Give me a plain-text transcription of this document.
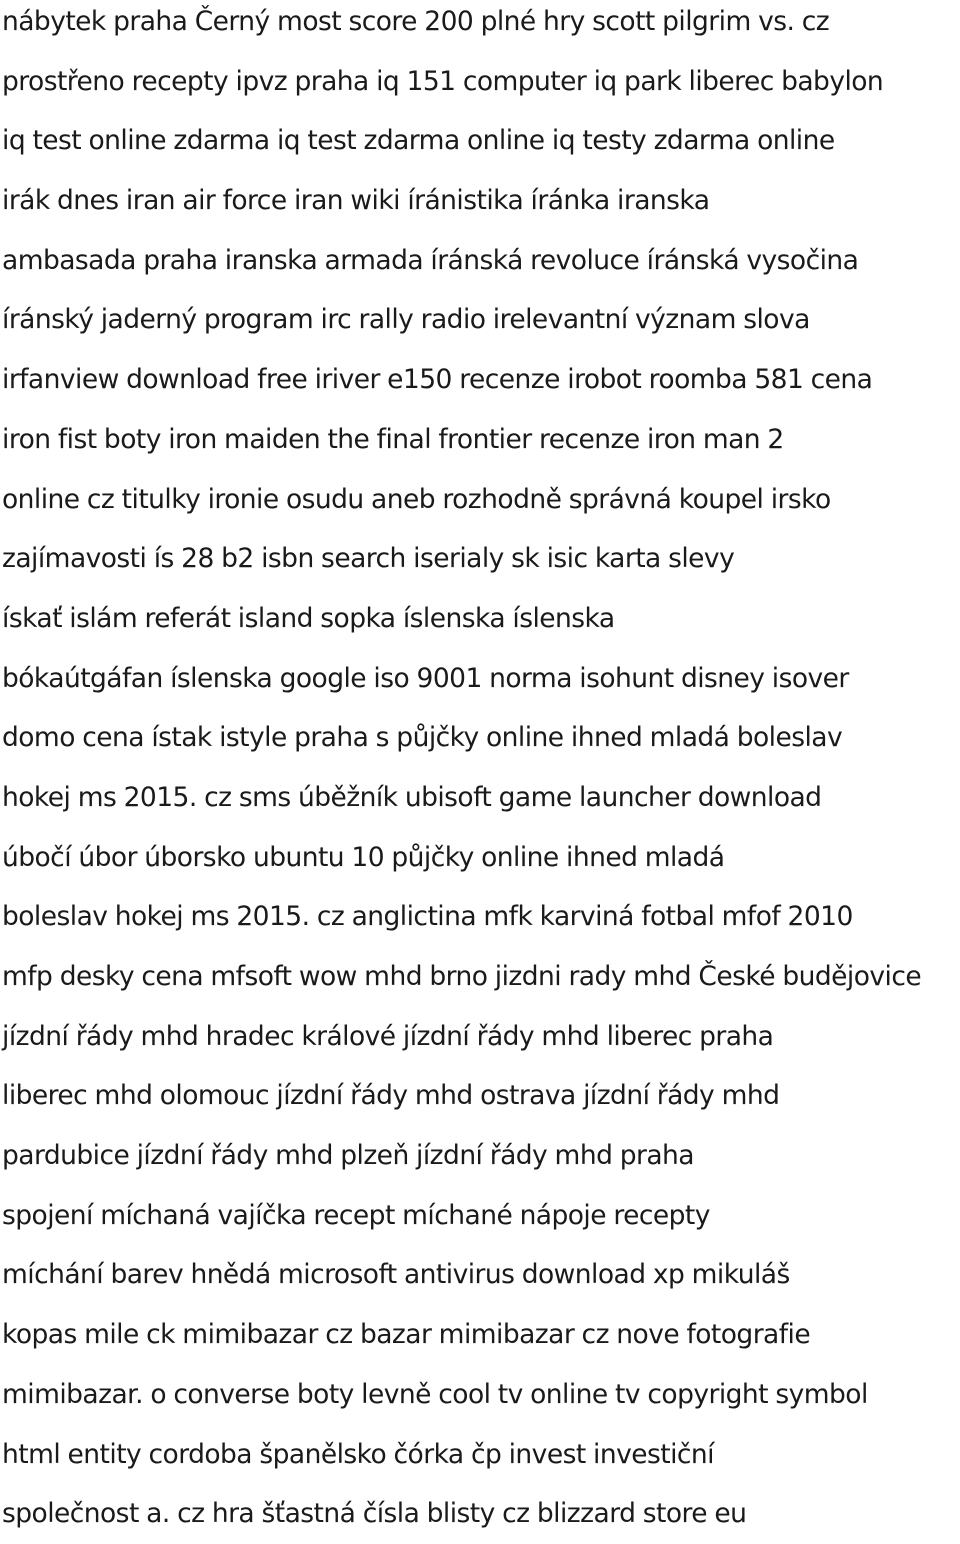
nábytek praha Černý most score 200 plné hry scott pilgrim vs. cz
prostřeno recepty ipvz praha iq 151 computer iq park liberec babylon
iq test online zdarma iq test zdarma online iq testy zdarma online
irák dnes iran air force iran wiki íránistika íránka iranska
ambasada praha iranska armada íránská revoluce íránská vysočina
íránský jaderný program irc rally radio irelevantní význam slova
irfanview download free iriver e150 recenze irobot roomba 581 cena
iron fist boty iron maiden the final frontier recenze iron man 2
online cz titulky ironie osudu aneb rozhodně správná koupel irsko
zajímavosti ís 28 b2 isbn search iserialy sk isic karta slevy
ískať islám referát island sopka íslenska íslenska
bókaútgáfan íslenska google iso 9001 norma isohunt disney isover
domo cena ístak istyle praha s půjčky online ihned mladá boleslav
hokej ms 2015. cz sms úběžník ubisoft game launcher download
úbočí úbor úborsko ubuntu 10 půjčky online ihned mladá
boleslav hokej ms 2015. cz anglictina mfk karviná fotbal mfof 2010
mfp desky cena mfsoft wow mhd brno jizdni rady mhd České budějovice
jízdní řády mhd hradec králové jízdní řády mhd liberec praha
liberec mhd olomouc jízdní řády mhd ostrava jízdní řády mhd
pardubice jízdní řády mhd plzeň jízdní řády mhd praha
spojení míchaná vajíčka recept míchané nápoje recepty
míchání barev hnědá microsoft antivirus download xp mikuláš
kopas mile ck mimibazar cz bazar mimibazar cz nove fotografie
mimibazar. o converse boty levně cool tv online tv copyright symbol
html entity cordoba španělsko čórka čp invest investiční
společnost a. cz hra šťastná čísla blisty cz blizzard store eu
